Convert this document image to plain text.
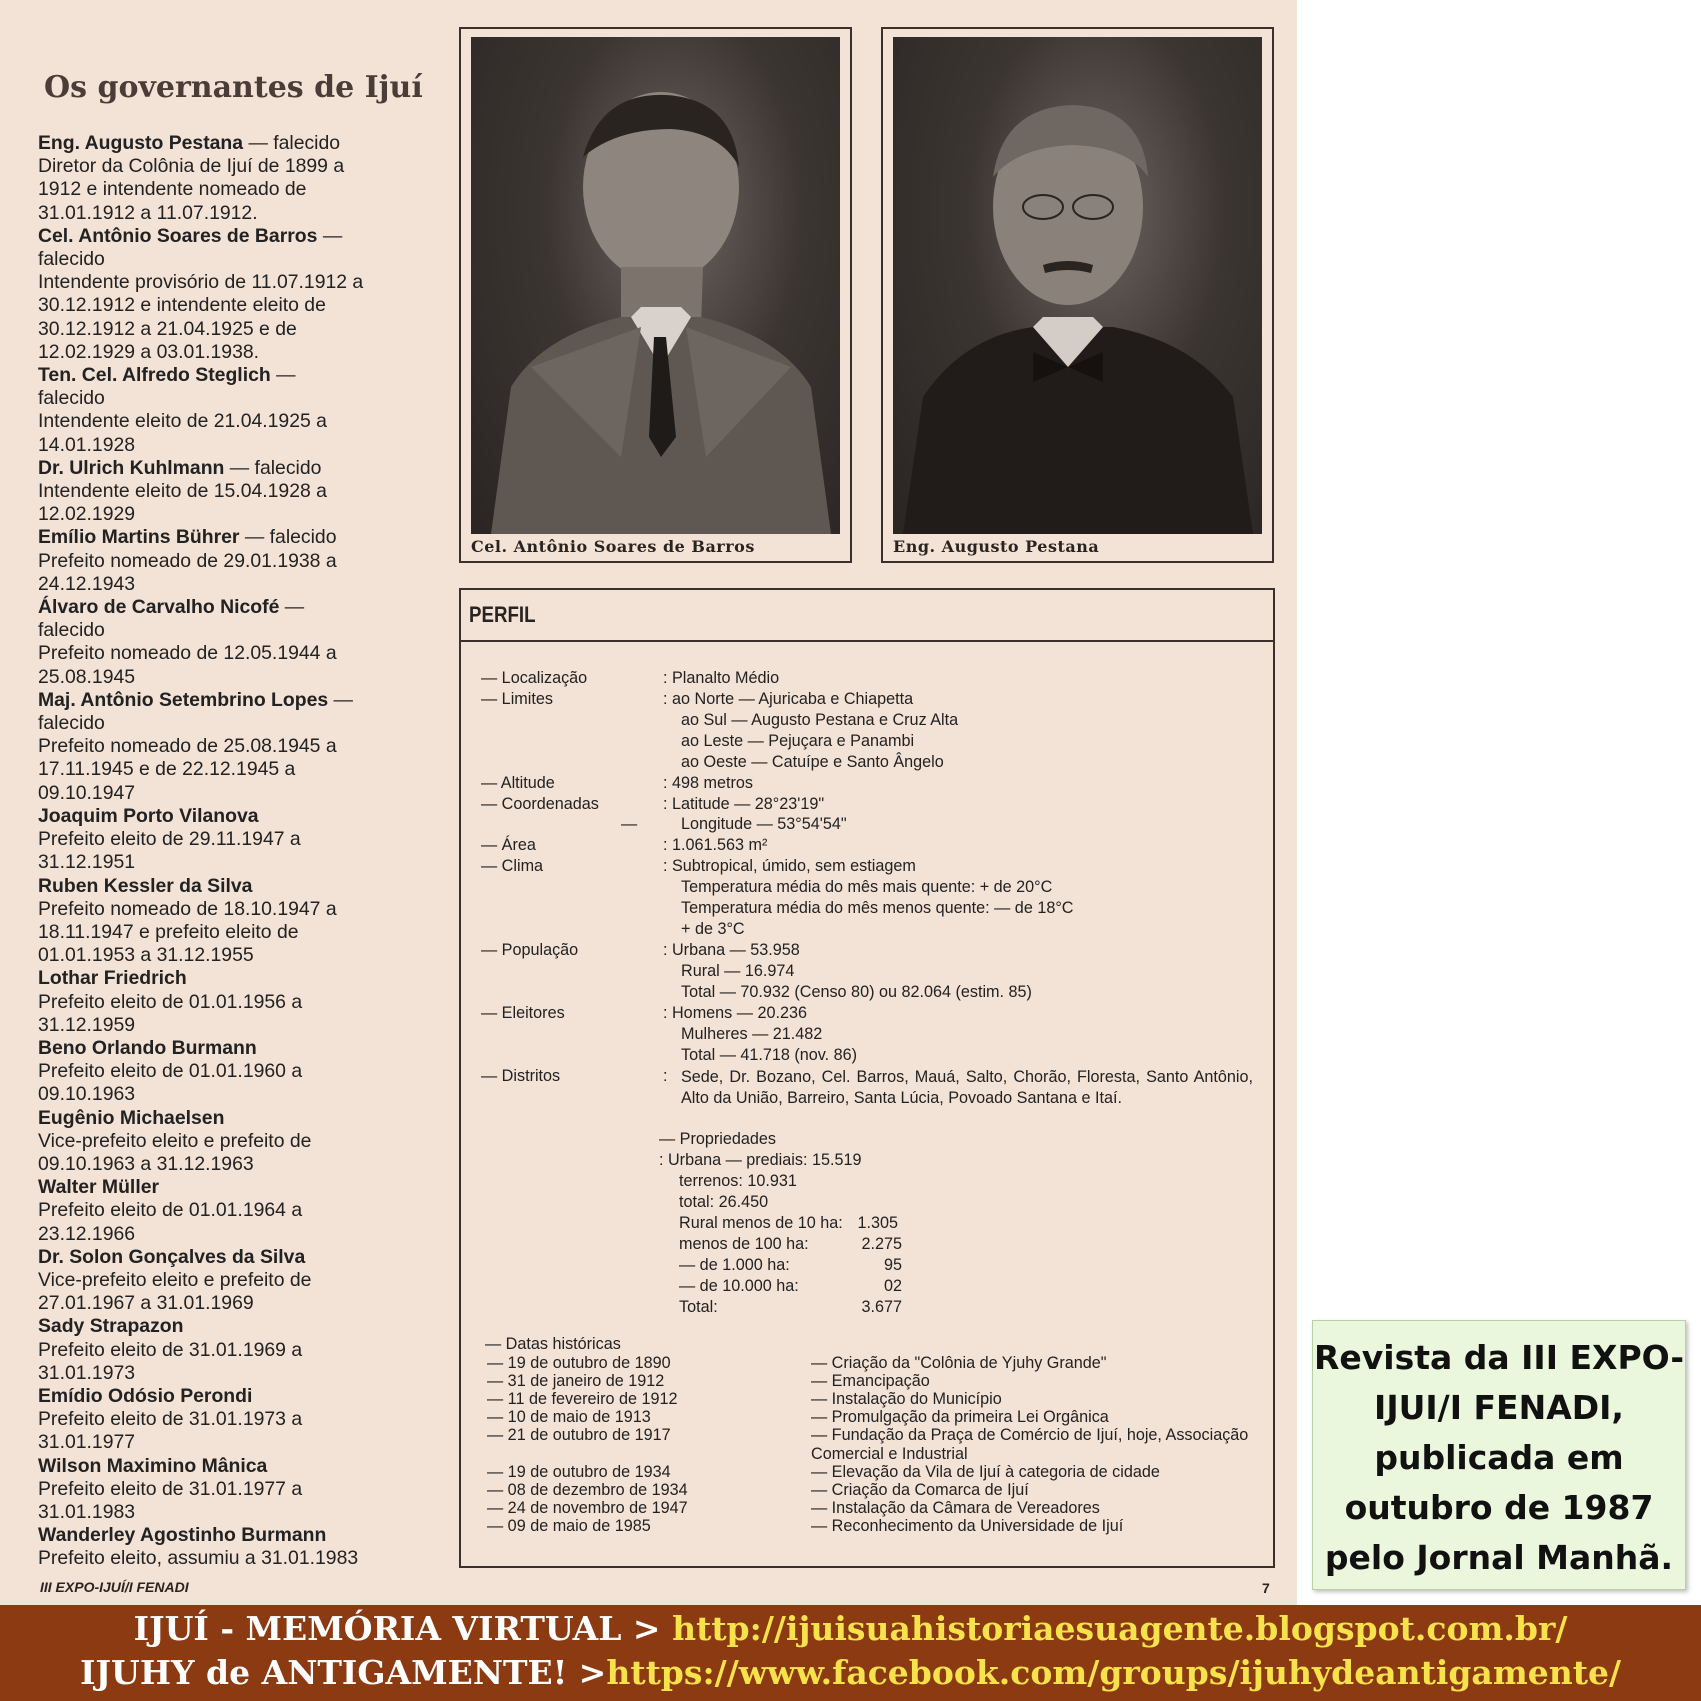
Os governantes de Ijuí
Eng. Augusto Pestana — falecido
Diretor da Colônia de Ijuí de 1899 a
1912 e intendente nomeado de
31.01.1912 a 11.07.1912.
Cel. Antônio Soares de Barros —
falecido
Intendente provisório de 11.07.1912 a
30.12.1912 e intendente eleito de
30.12.1912 a 21.04.1925 e de
12.02.1929 a 03.01.1938.
Ten. Cel. Alfredo Steglich —
falecido
Intendente eleito de 21.04.1925 a
14.01.1928
Dr. Ulrich Kuhlmann — falecido
Intendente eleito de 15.04.1928 a
12.02.1929
Emílio Martins Bührer — falecido
Prefeito nomeado de 29.01.1938 a
24.12.1943
Álvaro de Carvalho Nicofé —
falecido
Prefeito nomeado de 12.05.1944 a
25.08.1945
Maj. Antônio Setembrino Lopes —
falecido
Prefeito nomeado de 25.08.1945 a
17.11.1945 e de 22.12.1945 a
09.10.1947
Joaquim Porto Vilanova
Prefeito eleito de 29.11.1947 a
31.12.1951
Ruben Kessler da Silva
Prefeito nomeado de 18.10.1947 a
18.11.1947 e prefeito eleito de
01.01.1953 a 31.12.1955
Lothar Friedrich
Prefeito eleito de 01.01.1956 a
31.12.1959
Beno Orlando Burmann
Prefeito eleito de 01.01.1960 a
09.10.1963
Eugênio Michaelsen
Vice-prefeito eleito e prefeito de
09.10.1963 a 31.12.1963
Walter Müller
Prefeito eleito de 01.01.1964 a
23.12.1966
Dr. Solon Gonçalves da Silva
Vice-prefeito eleito e prefeito de
27.01.1967 a 31.01.1969
Sady Strapazon
Prefeito eleito de 31.01.1969 a
31.01.1973
Emídio Odósio Perondi
Prefeito eleito de 31.01.1973 a
31.01.1977
Wilson Maximino Mânica
Prefeito eleito de 31.01.1977 a
31.01.1983
Wanderley Agostinho Burmann
Prefeito eleito, assumiu a 31.01.1983
Cel. Antônio Soares de Barros	Eng. Augusto Pestana
PERFIL
— Localização	: Planalto Médio
— Limites	: ao Norte — Ajuricaba e Chiapetta
ao Sul — Augusto Pestana e Cruz Alta
ao Leste — Pejuçara e Panambi
ao Oeste — Catuípe e Santo Ângelo
— Altitude	: 498 metros
— Coordenadas	: Latitude — 28°23'19"
—	Longitude — 53°54'54"
— Área	: 1.061.563 m²
— Clima	: Subtropical, úmido, sem estiagem
Temperatura média do mês mais quente: + de 20°C
Temperatura média do mês menos quente: — de 18°C
+ de 3°C
— População	: Urbana — 53.958
Rural — 16.974
Total — 70.932 (Censo 80) ou 82.064 (estim. 85)
— Eleitores	: Homens — 20.236
Mulheres — 21.482
Total — 41.718 (nov. 86)
— Distritos	: Sede, Dr. Bozano, Cel. Barros, Mauá, Salto, Chorão, Floresta, Santo Antônio, Alto da União, Barreiro, Santa Lúcia, Povoado Santana e Itaí.
— Propriedades
: Urbana — prediais: 15.519
terrenos: 10.931
total: 26.450
Rural menos de 10 ha: 1.305
menos de 100 ha:	2.275
— de 1.000 ha:	95
— de 10.000 ha:	02
Total:	3.677
— Datas históricas
— 19 de outubro de 1890	— Criação da "Colônia de Yjuhy Grande"
— 31 de janeiro de 1912	— Emancipação
— 11 de fevereiro de 1912	— Instalação do Município
— 10 de maio de 1913	— Promulgação da primeira Lei Orgânica
— 21 de outubro de 1917	— Fundação da Praça de Comércio de Ijuí, hoje, Associação Comercial e Industrial
— 19 de outubro de 1934	— Elevação da Vila de Ijuí à categoria de cidade
— 08 de dezembro de 1934	— Criação da Comarca de Ijuí
— 24 de novembro de 1947	— Instalação da Câmara de Vereadores
— 09 de maio de 1985	— Reconhecimento da Universidade de Ijuí
III EXPO-IJUÍ/I FENADI	7
Revista da III EXPO-
IJUI/I FENADI,
publicada em
outubro de 1987
pelo Jornal Manhã.
IJUÍ - MEMÓRIA VIRTUAL > http://ijuisuahistoriaesuagente.blogspot.com.br/
IJUHY de ANTIGAMENTE! >https://www.facebook.com/groups/ijuhydeantigamente/
